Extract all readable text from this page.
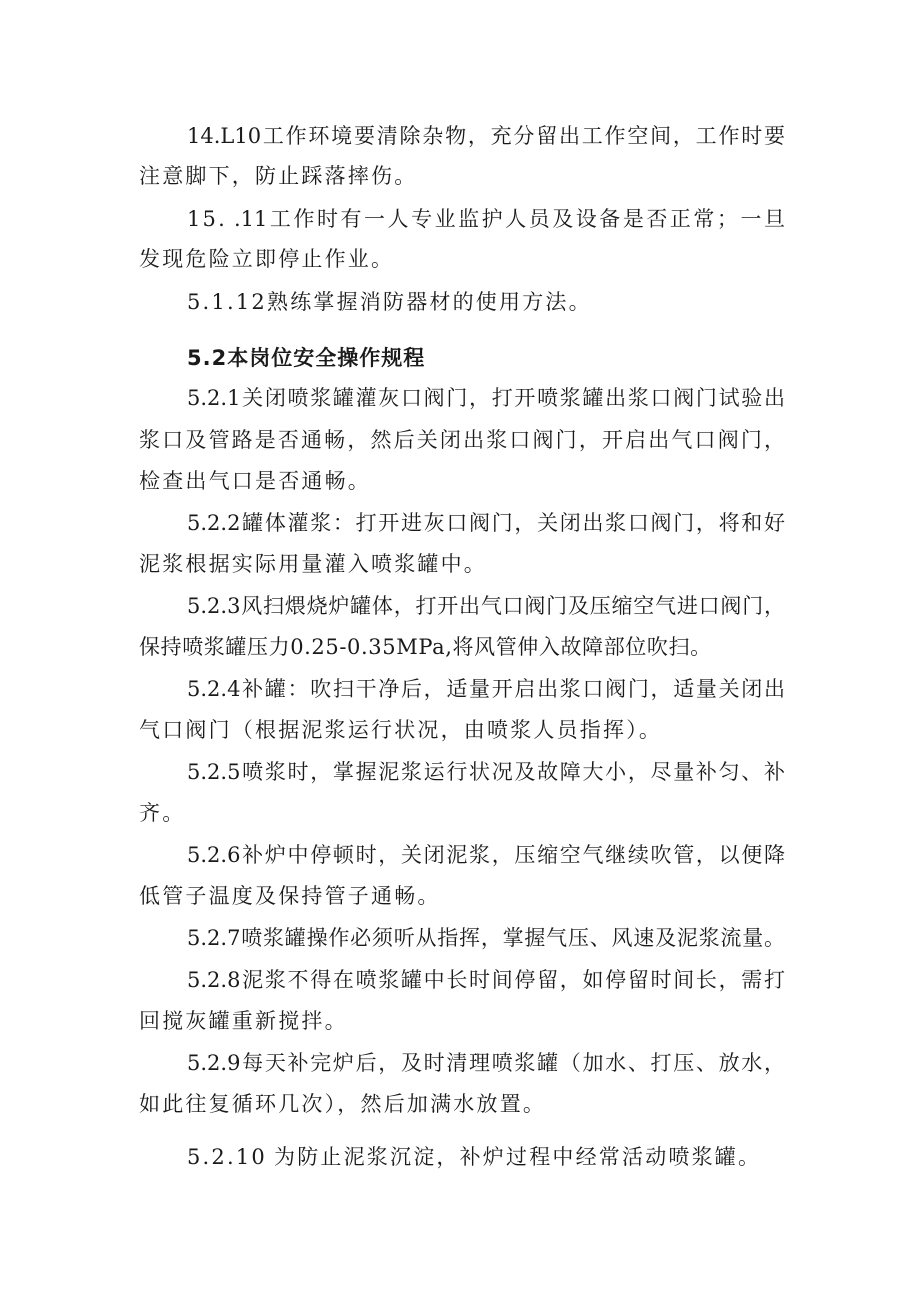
14.L10工作环境要清除杂物，充分留出工作空间，工作时要
注意脚下，防止踩落摔伤。
15. .11工作时有一人专业监护人员及设备是否正常；一旦
发现危险立即停止作业。
5.1.12熟练掌握消防器材的使用方法。
5.2本岗位安全操作规程
5.2.1关闭喷浆罐灌灰口阀门，打开喷浆罐出浆口阀门试验出
浆口及管路是否通畅，然后关闭出浆口阀门，开启出气口阀门，
检查出气口是否通畅。
5.2.2罐体灌浆：打开进灰口阀门，关闭出浆口阀门，将和好
泥浆根据实际用量灌入喷浆罐中。
5.2.3风扫煨烧炉罐体，打开出气口阀门及压缩空气进口阀门，
保持喷浆罐压力0.25-0.35MPa,将风管伸入故障部位吹扫。
5.2.4补罐：吹扫干净后，适量开启出浆口阀门，适量关闭出
气口阀门（根据泥浆运行状况，由喷浆人员指挥）。
5.2.5喷浆时，掌握泥浆运行状况及故障大小，尽量补匀、补
齐。
5.2.6补炉中停顿时，关闭泥浆，压缩空气继续吹管，以便降
低管子温度及保持管子通畅。
5.2.7喷浆罐操作必须听从指挥，掌握气压、风速及泥浆流量。
5.2.8泥浆不得在喷浆罐中长时间停留，如停留时间长，需打
回搅灰罐重新搅拌。
5.2.9每天补完炉后，及时清理喷浆罐（加水、打压、放水，
如此往复循环几次），然后加满水放置。
5.2.10 为防止泥浆沉淀，补炉过程中经常活动喷浆罐。
